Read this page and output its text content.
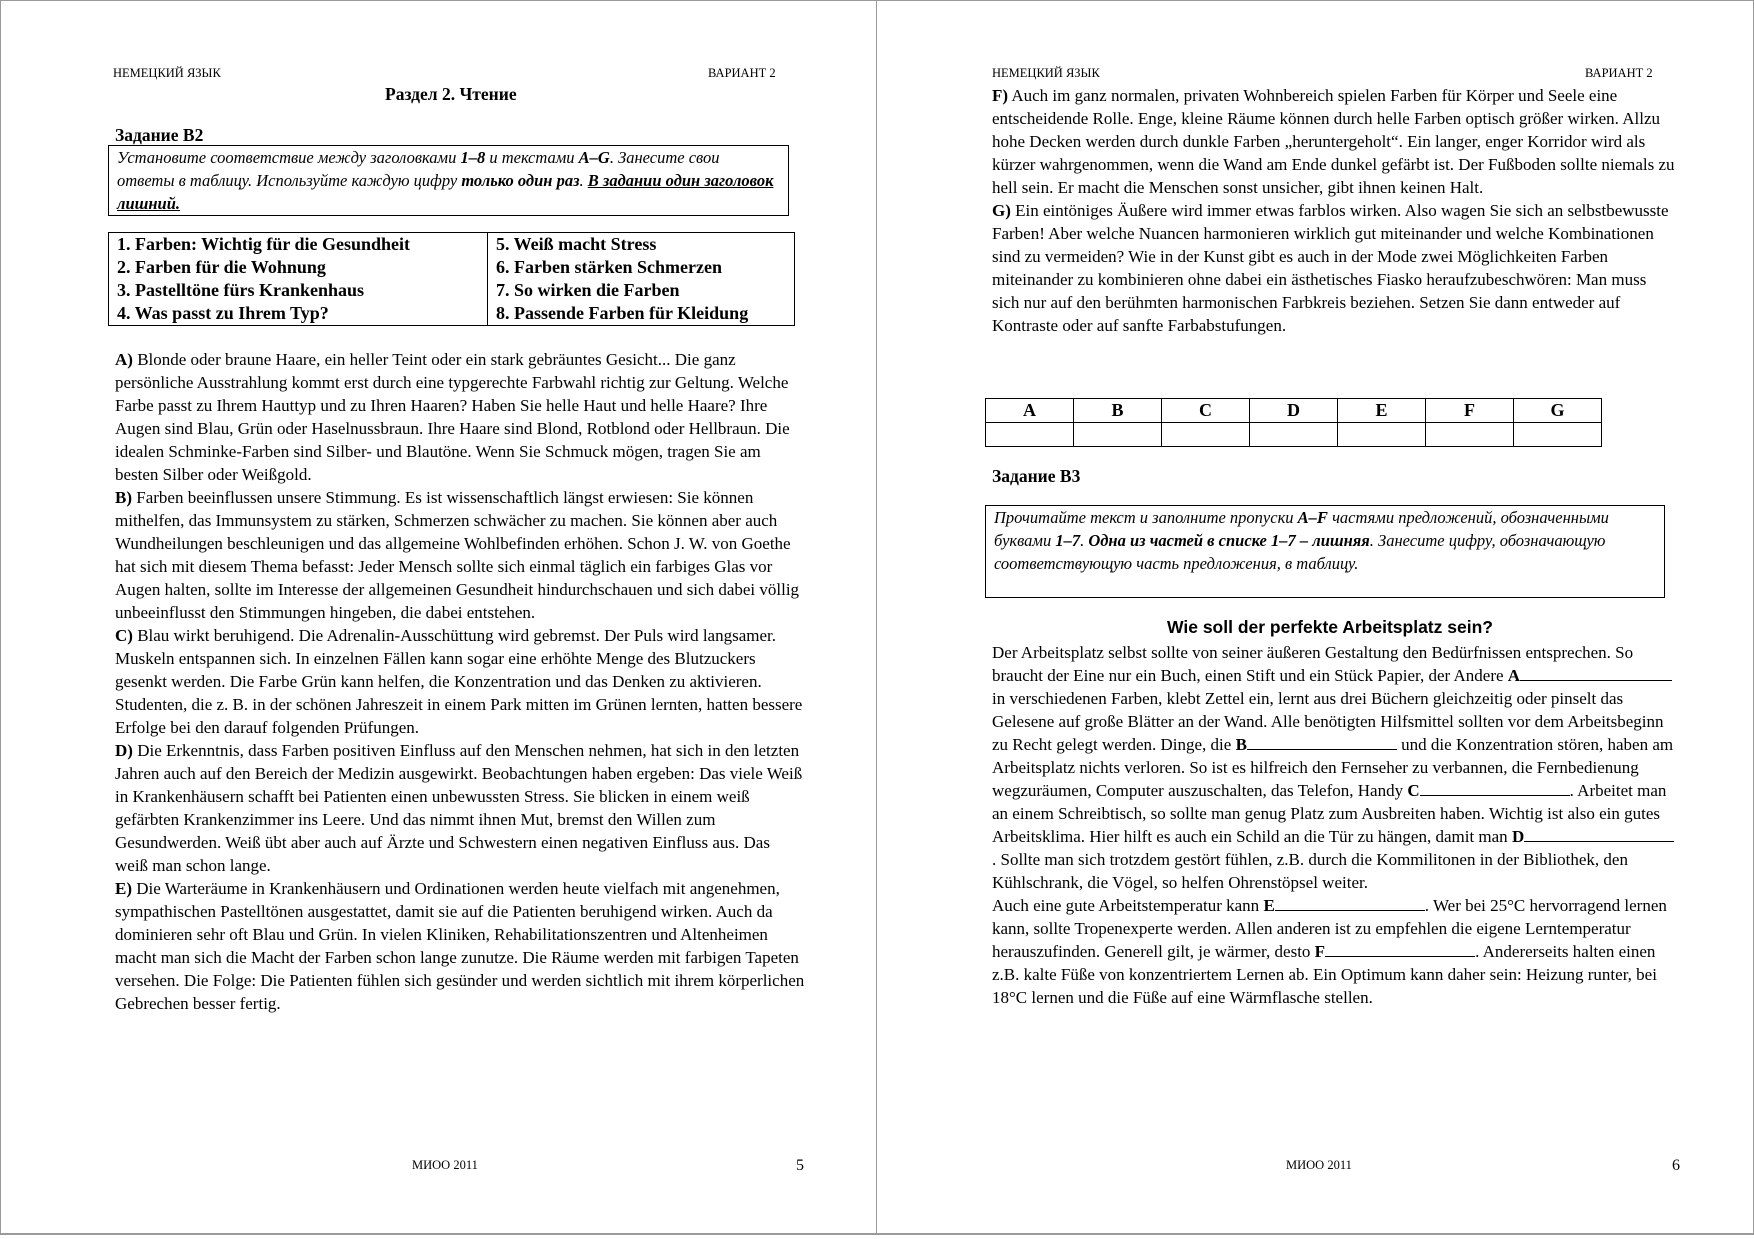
НЕМЕЦКИЙ ЯЗЫК	ВАРИАНТ 2
Раздел 2. Чтение
Задание B2
Установите соответствие между заголовками 1–8 и текстами A–G. Занесите свои ответы в таблицу. Используйте каждую цифру только один раз. В задании один заголовок лишний.
1. Farben: Wichtig für die Gesundheit	5. Weiß macht Stress
2. Farben für die Wohnung	6. Farben stärken Schmerzen
3. Pastelltöne fürs Krankenhaus	7. So wirken die Farben
4. Was passt zu Ihrem Typ?	8. Passende Farben für Kleidung

A) Blonde oder braune Haare, ein heller Teint oder ein stark gebräuntes Gesicht... Die ganz persönliche Ausstrahlung kommt erst durch eine typgerechte Farbwahl richtig zur Geltung. Welche Farbe passt zu Ihrem Hauttyp und zu Ihren Haaren? Haben Sie helle Haut und helle Haare? Ihre Augen sind Blau, Grün oder Haselnussbraun. Ihre Haare sind Blond, Rotblond oder Hellbraun. Die idealen Schminke-Farben sind Silber- und Blautöne. Wenn Sie Schmuck mögen, tragen Sie am besten Silber oder Weißgold.

B) Farben beeinflussen unsere Stimmung. Es ist wissenschaftlich längst erwiesen: Sie können mithelfen, das Immunsystem zu stärken, Schmerzen schwächer zu machen. Sie können aber auch Wundheilungen beschleunigen und das allgemeine Wohlbefinden erhöhen. Schon J. W. von Goethe hat sich mit diesem Thema befasst: Jeder Mensch sollte sich einmal täglich ein farbiges Glas vor Augen halten, sollte im Interesse der allgemeinen Gesundheit hindurchschauen und sich dabei völlig unbeeinflusst den Stimmungen hingeben, die dabei entstehen.

C) Blau wirkt beruhigend. Die Adrenalin-Ausschüttung wird gebremst. Der Puls wird langsamer. Muskeln entspannen sich. In einzelnen Fällen kann sogar eine erhöhte Menge des Blutzuckers gesenkt werden. Die Farbe Grün kann helfen, die Konzentration und das Denken zu aktivieren. Studenten, die z. B. in der schönen Jahreszeit in einem Park mitten im Grünen lernten, hatten bessere Erfolge bei den darauf folgenden Prüfungen.

D) Die Erkenntnis, dass Farben positiven Einfluss auf den Menschen nehmen, hat sich in den letzten Jahren auch auf den Bereich der Medizin ausgewirkt. Beobachtungen haben ergeben: Das viele Weiß in Krankenhäusern schafft bei Patienten einen unbewussten Stress. Sie blicken in einem weiß gefärbten Krankenzimmer ins Leere. Und das nimmt ihnen Mut, bremst den Willen zum Gesundwerden. Weiß übt aber auch auf Ärzte und Schwestern einen negativen Einfluss aus. Das weiß man schon lange.

E) Die Warteräume in Krankenhäusern und Ordinationen werden heute vielfach mit angenehmen, sympathischen Pastelltönen ausgestattet, damit sie auf die Patienten beruhigend wirken. Auch da dominieren sehr oft Blau und Grün. In vielen Kliniken, Rehabilitationszentren und Altenheimen macht man sich die Macht der Farben schon lange zunutze. Die Räume werden mit farbigen Tapeten versehen. Die Folge: Die Patienten fühlen sich gesünder und werden sichtlich mit ihrem körperlichen Gebrechen besser fertig.

МИОО 2011	5
НЕМЕЦКИЙ ЯЗЫК	ВАРИАНТ 2

F) Auch im ganz normalen, privaten Wohnbereich spielen Farben für Körper und Seele eine entscheidende Rolle. Enge, kleine Räume können durch helle Farben optisch größer wirken. Allzu hohe Decken werden durch dunkle Farben „heruntergeholt“. Ein langer, enger Korridor wird als kürzer wahrgenommen, wenn die Wand am Ende dunkel gefärbt ist. Der Fußboden sollte niemals zu hell sein. Er macht die Menschen sonst unsicher, gibt ihnen keinen Halt.

G) Ein eintöniges Äußere wird immer etwas farblos wirken. Also wagen Sie sich an selbstbewusste Farben! Aber welche Nuancen harmonieren wirklich gut miteinander und welche Kombinationen sind zu vermeiden? Wie in der Kunst gibt es auch in der Mode zwei Möglichkeiten Farben miteinander zu kombinieren ohne dabei ein ästhetisches Fiasko heraufzubeschwören: Man muss sich nur auf den berühmten harmonischen Farbkreis beziehen. Setzen Sie dann entweder auf Kontraste oder auf sanfte Farbabstufungen.

A	B	C	D	E	F	G

Задание B3
Прочитайте текст и заполните пропуски A–F частями предложений, обозначенными буквами 1–7. Одна из частей в списке 1–7 – лишняя. Занесите цифру, обозначающую соответствующую часть предложения, в таблицу.
Wie soll der perfekte Arbeitsplatz sein?

Der Arbeitsplatz selbst sollte von seiner äußeren Gestaltung den Bedürfnissen entsprechen. So braucht der Eine nur ein Buch, einen Stift und ein Stück Papier, der Andere A in verschiedenen Farben, klebt Zettel ein, lernt aus drei Büchern gleichzeitig oder pinselt das Gelesene auf große Blätter an der Wand. Alle benötigten Hilfsmittel sollten vor dem Arbeitsbeginn zu Recht gelegt werden. Dinge, die B	und die Konzentration stören, haben am Arbeitsplatz nichts verloren. So ist es hilfreich den Fernseher zu verbannen, die Fernbedienung wegzuräumen, Computer auszuschalten, das Telefon, Handy C	. Arbeitet man an einem Schreibtisch, so sollte man genug Platz zum Ausbreiten haben. Wichtig ist also ein gutes Arbeitsklima. Hier hilft es auch ein Schild an die Tür zu hängen, damit man D . Sollte man sich trotzdem gestört fühlen, z.B. durch die Kommilitonen in der Bibliothek, den Kühlschrank, die Vögel, so helfen Ohrenstöpsel weiter.

Auch eine gute Arbeitstemperatur kann E	. Wer bei 25°C hervorragend lernen kann, sollte Tropenexperte werden. Allen anderen ist zu empfehlen die eigene Lerntemperatur herauszufinden. Generell gilt, je wärmer, desto F	. Andererseits halten einen z.B. kalte Füße von konzentriertem Lernen ab. Ein Optimum kann daher sein: Heizung runter, bei 18°C lernen und die Füße auf eine Wärmflasche stellen.

МИОО 2011	6
